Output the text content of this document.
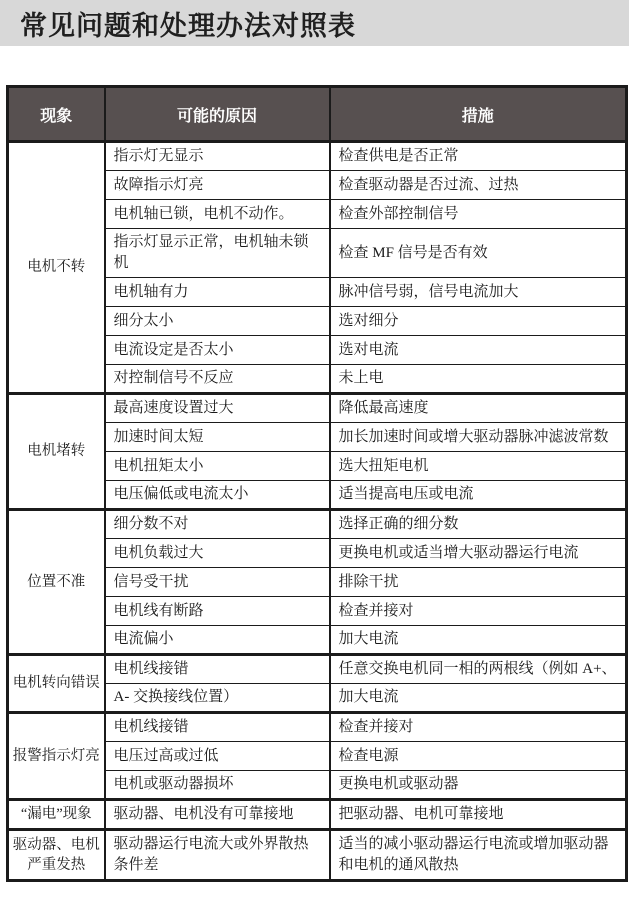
常见问题和处理办法对照表
现象	可能的原因	措施
电机不转	指示灯无显示	检查供电是否正常
	故障指示灯亮	检查驱动器是否过流、过热
	电机轴已锁，电机不动作。	检查外部控制信号
	指示灯显示正常，电机轴未锁机	检查 MF 信号是否有效
	电机轴有力	脉冲信号弱，信号电流加大
	细分太小	选对细分
	电流设定是否太小	选对电流
	对控制信号不反应	未上电
电机堵转	最高速度设置过大	降低最高速度
	加速时间太短	加长加速时间或增大驱动器脉冲滤波常数
	电机扭矩太小	选大扭矩电机
	电压偏低或电流太小	适当提高电压或电流
位置不准	细分数不对	选择正确的细分数
	电机负载过大	更换电机或适当增大驱动器运行电流
	信号受干扰	排除干扰
	电机线有断路	检查并接对
	电流偏小	加大电流
电机转向错误	电机线接错	任意交换电机同一相的两根线（例如 A+、
	A- 交换接线位置）	加大电流
报警指示灯亮	电机线接错	检查并接对
	电压过高或过低	检查电源
	电机或驱动器损坏	更换电机或驱动器
“漏电”现象	驱动器、电机没有可靠接地	把驱动器、电机可靠接地
驱动器、电机严重发热	驱动器运行电流大或外界散热条件差	适当的减小驱动器运行电流或增加驱动器和电机的通风散热
